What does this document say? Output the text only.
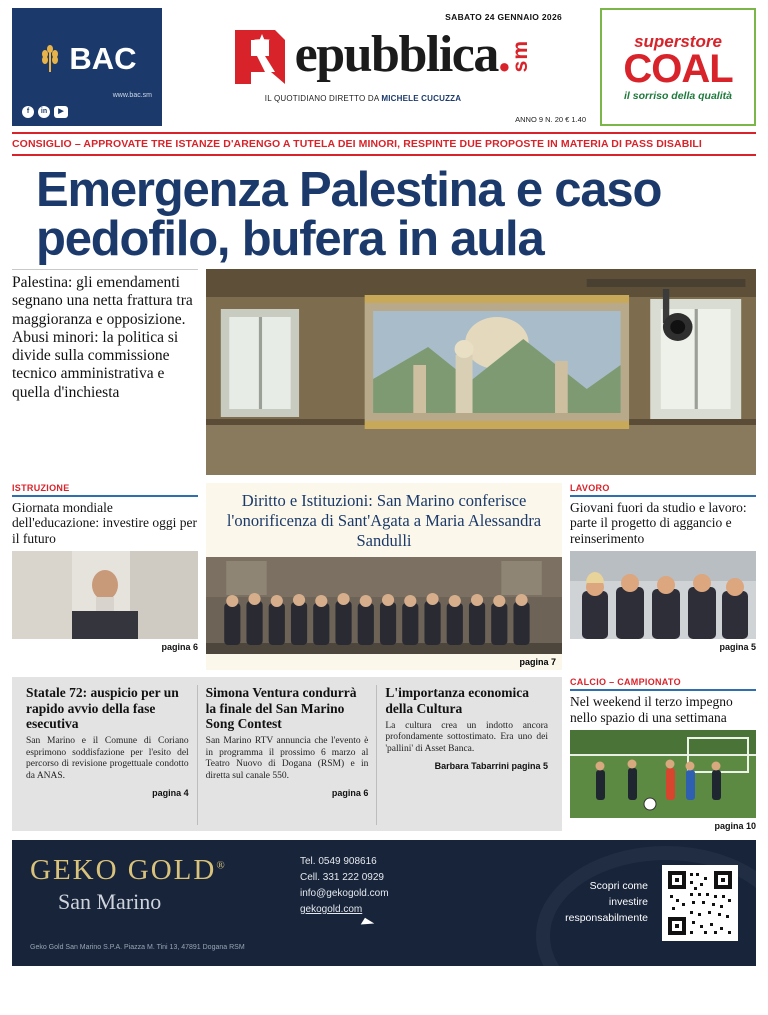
BAC
www.bac.sm
f	in	▶
SABATO 24 GENNAIO 2026
epubblica. sm
IL QUOTIDIANO DIRETTO DA MICHELE CUCUZZA
ANNO 9 N. 20 € 1.40
superstore
COAL
il sorriso della qualità
CONSIGLIO – APPROVATE TRE ISTANZE D'ARENGO A TUTELA DEI MINORI, RESPINTE DUE PROPOSTE IN MATERIA DI PASS DISABILI
Emergenza Palestina e caso pedofilo, bufera in aula

Palestina: gli emendamenti segnano una netta frattura tra maggioranza e opposizione.

Abusi minori: la politica si divide sulla commissione tecnico amministrativa e quella d'inchiesta

ISTRUZIONE
Giornata mondiale dell'educazione: investire oggi per il futuro
pagina 6
Diritto e Istituzioni: San Marino conferisce l'onorificenza di Sant'Agata a Maria Alessandra Sandulli
pagina 7
LAVORO
Giovani fuori da studio e lavoro: parte il progetto di aggancio e reinserimento
pagina 5
Statale 72: auspicio per un rapido avvio della fase esecutiva

San Marino e il Comune di Coriano esprimono soddisfazione per l'esito del percorso di revisione progettuale condotto da ANAS.

pagina 4
Simona Ventura condurrà la finale del San Marino Song Contest

San Marino RTV annuncia che l'evento è in programma il prossimo 6 marzo al Teatro Nuovo di Dogana (RSM) e in diretta sul canale 550.

pagina 6
L'importanza economica della Cultura

La cultura crea un indotto ancora profondamente sottostimato. Era uno dei 'pallini' di Asset Banca.

Barbara Tabarrini pagina 5
CALCIO – CAMPIONATO
Nel weekend il terzo impegno nello spazio di una settimana
pagina 10
GEKO GOLD®
San Marino
Geko Gold San Marino S.P.A. Piazza M. Tini 13, 47891 Dogana RSM
Tel. 0549 908616
Cell. 331 222 0929
info@gekogold.com
gekogold.com
Scopri come
investire
responsabilmente
